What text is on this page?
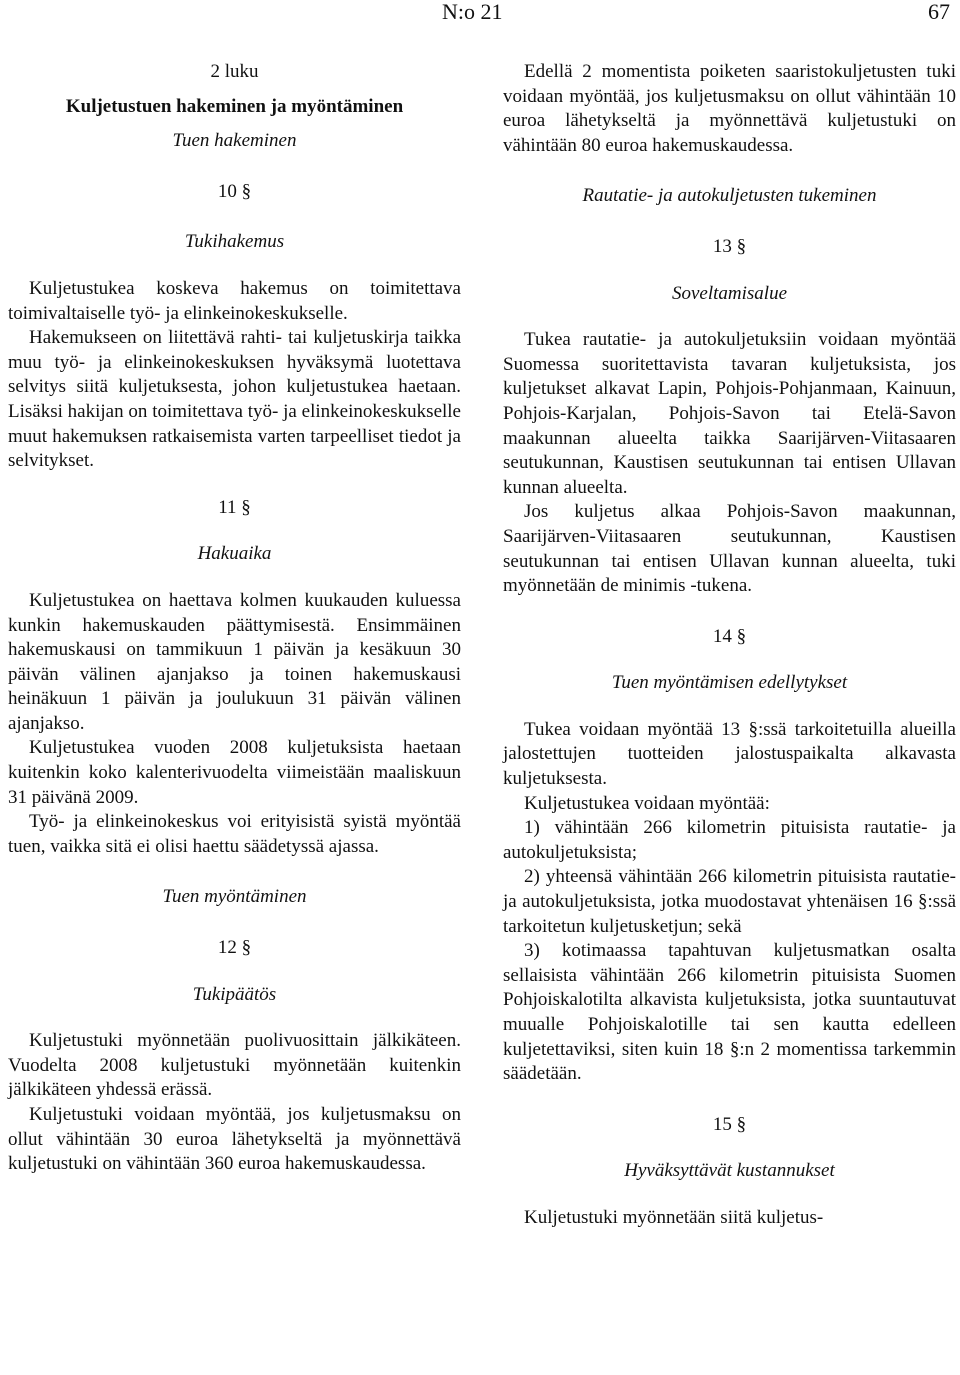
N:o 21	67
2 luku
Kuljetustuen hakeminen ja myöntäminen
Tuen hakeminen
10 §
Tukihakemus

Kuljetustukea koskeva hakemus on toimitettava toimivaltaiselle työ- ja elinkeinokeskukselle.

Hakemukseen on liitettävä rahti- tai kuljetuskirja taikka muu työ- ja elinkeinokeskuksen hyväksymä luotettava selvitys siitä kuljetuksesta, johon kuljetustukea haetaan. Lisäksi hakijan on toimitettava työ- ja elinkeinokeskukselle muut hakemuksen ratkaisemista varten tarpeelliset tiedot ja selvitykset.

11 §
Hakuaika

Kuljetustukea on haettava kolmen kuukauden kuluessa kunkin hakemuskauden päättymisestä. Ensimmäinen hakemuskausi on tammikuun 1 päivän ja kesäkuun 30 päivän välinen ajanjakso ja toinen hakemuskausi heinäkuun 1 päivän ja joulukuun 31 päivän välinen ajanjakso.

Kuljetustukea vuoden 2008 kuljetuksista haetaan kuitenkin koko kalenterivuodelta viimeistään maaliskuun 31 päivänä 2009.

Työ- ja elinkeinokeskus voi erityisistä syistä myöntää tuen, vaikka sitä ei olisi haettu säädetyssä ajassa.

Tuen myöntäminen
12 §
Tukipäätös

Kuljetustuki myönnetään puolivuosittain jälkikäteen. Vuodelta 2008 kuljetustuki myönnetään kuitenkin jälkikäteen yhdessä erässä.

Kuljetustuki voidaan myöntää, jos kuljetusmaksu on ollut vähintään 30 euroa lähetykseltä ja myönnettävä kuljetustuki on vähintään 360 euroa hakemuskaudessa.

Edellä 2 momentista poiketen saaristokuljetusten tuki voidaan myöntää, jos kuljetusmaksu on ollut vähintään 10 euroa lähetykseltä ja myönnettävä kuljetustuki on vähintään 80 euroa hakemuskaudessa.

Rautatie- ja autokuljetusten tukeminen
13 §
Soveltamisalue

Tukea rautatie- ja autokuljetuksiin voidaan myöntää Suomessa suoritettavista tavaran kuljetuksista, jos kuljetukset alkavat Lapin, Pohjois-Pohjanmaan, Kainuun, Pohjois-Karjalan, Pohjois-Savon tai Etelä-Savon maakunnan alueelta taikka Saarijärven-Viitasaaren seutukunnan, Kaustisen seutukunnan tai entisen Ullavan kunnan alueelta.

Jos kuljetus alkaa Pohjois-Savon maakunnan, Saarijärven-Viitasaaren seutukunnan, Kaustisen seutukunnan tai entisen Ullavan kunnan alueelta, tuki myönnetään de minimis -tukena.

14 §
Tuen myöntämisen edellytykset

Tukea voidaan myöntää 13 §:ssä tarkoitetuilla alueilla jalostettujen tuotteiden jalostuspaikalta alkavasta kuljetuksesta.

Kuljetustukea voidaan myöntää:

1) vähintään 266 kilometrin pituisista rautatie- ja autokuljetuksista;

2) yhteensä vähintään 266 kilometrin pituisista rautatie- ja autokuljetuksista, jotka muodostavat yhtenäisen 16 §:ssä tarkoitetun kuljetusketjun; sekä

3) kotimaassa tapahtuvan kuljetusmatkan osalta sellaisista vähintään 266 kilometrin pituisista Suomen Pohjoiskalotilta alkavista kuljetuksista, jotka suuntautuvat muualle Pohjoiskalotille tai sen kautta edelleen kuljetettaviksi, siten kuin 18 §:n 2 momentissa tarkemmin säädetään.

15 §
Hyväksyttävät kustannukset

Kuljetustuki myönnetään siitä kuljetus-
